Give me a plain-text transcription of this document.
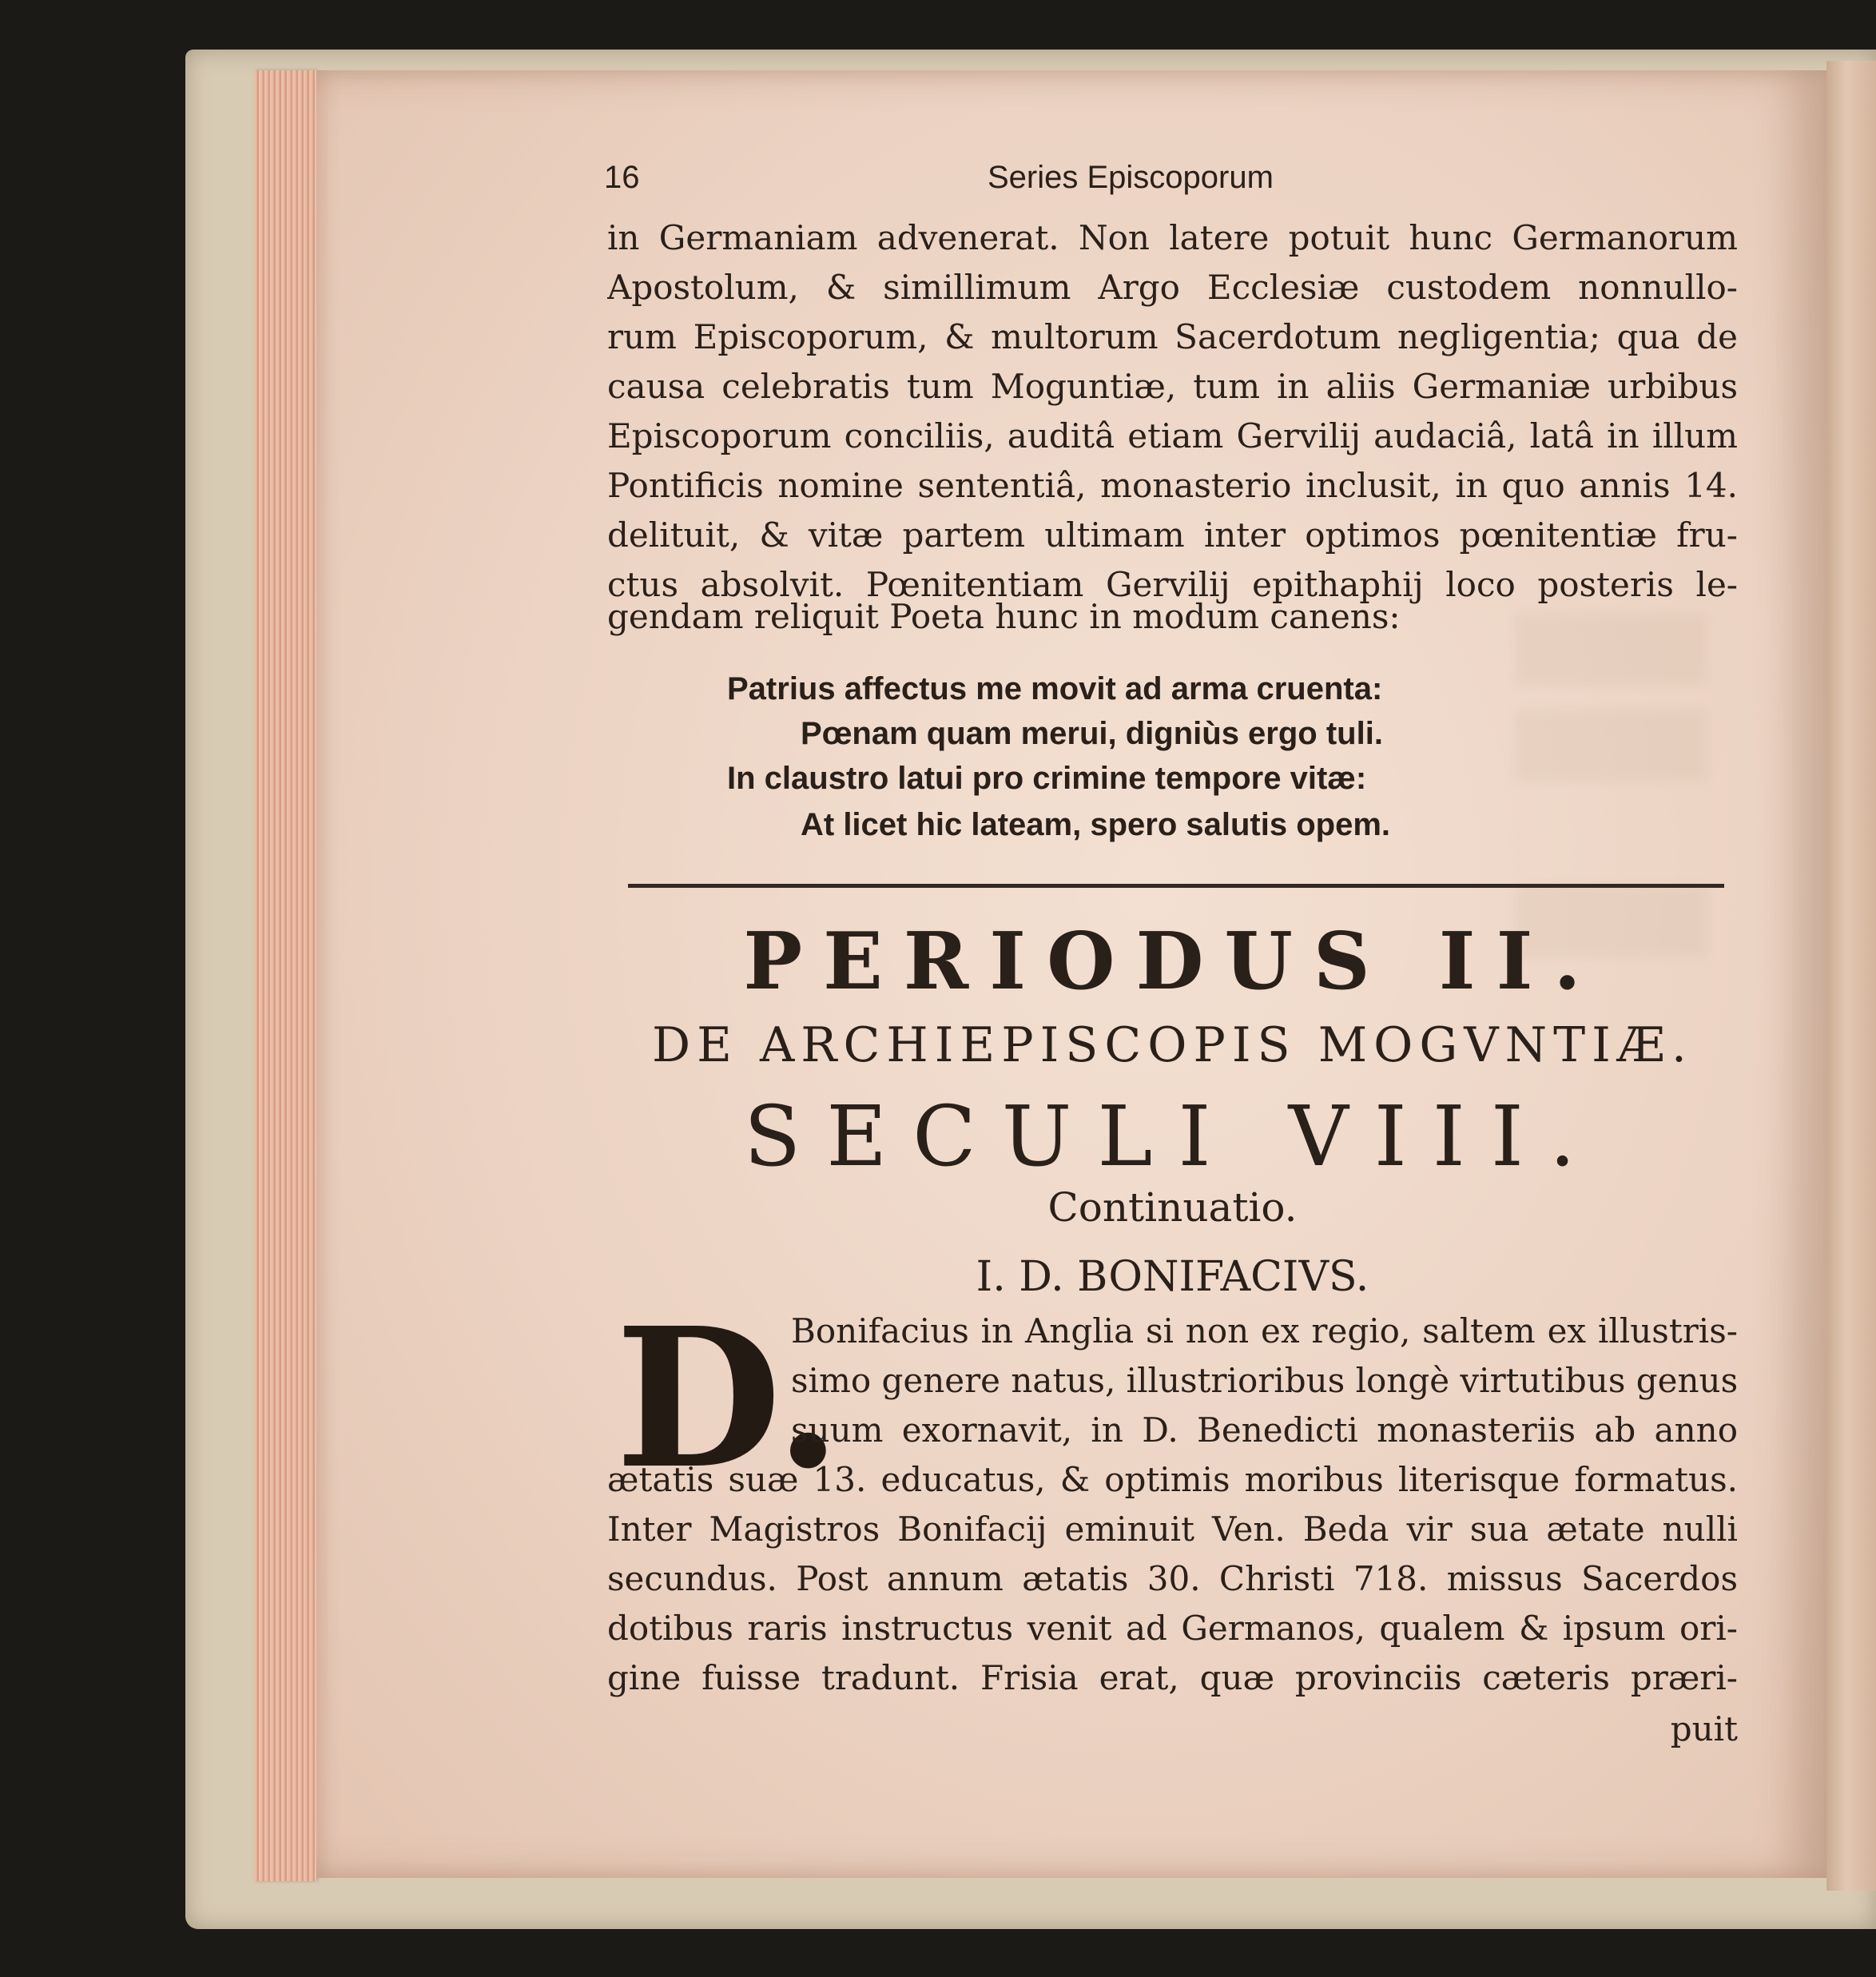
16	Series Episcoporum
in Germaniam advenerat. Non latere potuit hunc Germanorum
Apostolum, & simillimum Argo Ecclesiæ custodem nonnullo-
rum Episcoporum, & multorum Sacerdotum negligentia; qua de
causa celebratis tum Moguntiæ, tum in aliis Germaniæ urbibus
Episcoporum conciliis, auditâ etiam Gervilij audaciâ, latâ in illum
Pontificis nomine sententiâ, monasterio inclusit, in quo annis 14.
delituit, & vitæ partem ultimam inter optimos pœnitentiæ fru-
ctus absolvit. Pœnitentiam Gervilij epithaphij loco posteris le-
gendam reliquit Poeta hunc in modum canens:
Patrius affectus me movit ad arma cruenta:
Pœnam quam merui, digniùs ergo tuli.
In claustro latui pro crimine tempore vitæ:
At licet hic lateam, spero salutis opem.
PERIODUS II.
DE ARCHIEPISCOPIS MOGVNTIÆ.
SECULI VIII.
Continuatio.
I. D. BONIFACIVS.
D.
Bonifacius in Anglia si non ex regio, saltem ex illustris-
simo genere natus, illustrioribus longè virtutibus genus
suum exornavit, in D. Benedicti monasteriis ab anno
ætatis suæ 13. educatus, & optimis moribus literisque formatus.
Inter Magistros Bonifacij eminuit Ven. Beda vir sua ætate nulli
secundus. Post annum ætatis 30. Christi 718. missus Sacerdos
dotibus raris instructus venit ad Germanos, qualem & ipsum ori-
gine fuisse tradunt. Frisia erat, quæ provinciis cæteris præri-
puit
